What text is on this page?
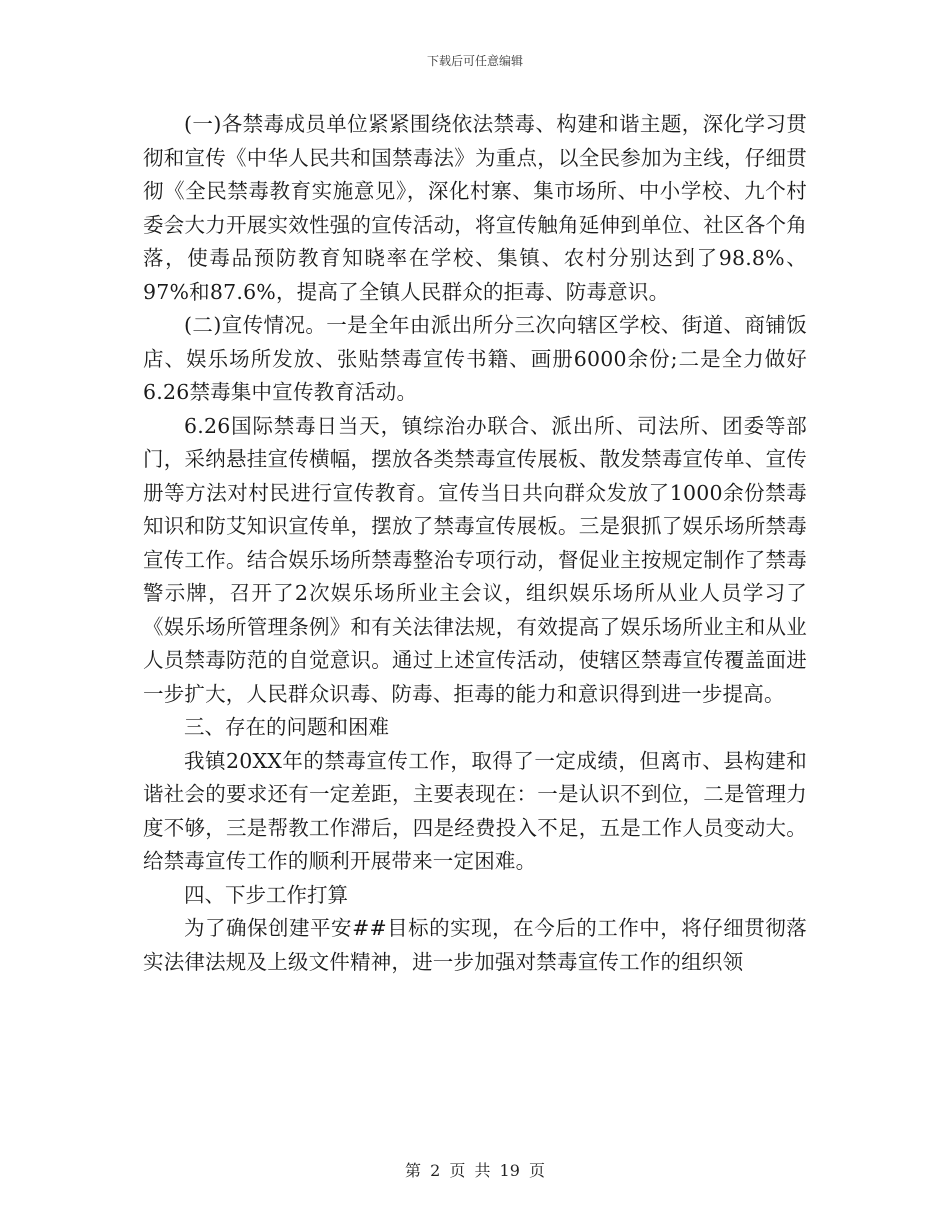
下载后可任意编辑

(一)各禁毒成员单位紧紧围绕依法禁毒、构建和谐主题，深化学习贯彻和宣传《中华人民共和国禁毒法》为重点，以全民参加为主线，仔细贯彻《全民禁毒教育实施意见》，深化村寨、集市场所、中小学校、九个村委会大力开展实效性强的宣传活动，将宣传触角延伸到单位、社区各个角落，使毒品预防教育知晓率在学校、集镇、农村分别达到了98.8%、97%和87.6%，提高了全镇人民群众的拒毒、防毒意识。

(二)宣传情况。一是全年由派出所分三次向辖区学校、街道、商铺饭店、娱乐场所发放、张贴禁毒宣传书籍、画册6000余份;二是全力做好6.26禁毒集中宣传教育活动。

6.26国际禁毒日当天，镇综治办联合、派出所、司法所、团委等部门，采纳悬挂宣传横幅，摆放各类禁毒宣传展板、散发禁毒宣传单、宣传册等方法对村民进行宣传教育。宣传当日共向群众发放了1000余份禁毒知识和防艾知识宣传单，摆放了禁毒宣传展板。三是狠抓了娱乐场所禁毒宣传工作。结合娱乐场所禁毒整治专项行动，督促业主按规定制作了禁毒警示牌，召开了2次娱乐场所业主会议，组织娱乐场所从业人员学习了《娱乐场所管理条例》和有关法律法规，有效提高了娱乐场所业主和从业人员禁毒防范的自觉意识。通过上述宣传活动，使辖区禁毒宣传覆盖面进一步扩大，人民群众识毒、防毒、拒毒的能力和意识得到进一步提高。

三、存在的问题和困难

我镇20XX年的禁毒宣传工作，取得了一定成绩，但离市、县构建和谐社会的要求还有一定差距，主要表现在：一是认识不到位，二是管理力度不够，三是帮教工作滞后，四是经费投入不足，五是工作人员变动大。给禁毒宣传工作的顺利开展带来一定困难。

四、下步工作打算

为了确保创建平安##目标的实现，在今后的工作中，将仔细贯彻落实法律法规及上级文件精神，进一步加强对禁毒宣传工作的组织领

第 2 页 共 19 页
